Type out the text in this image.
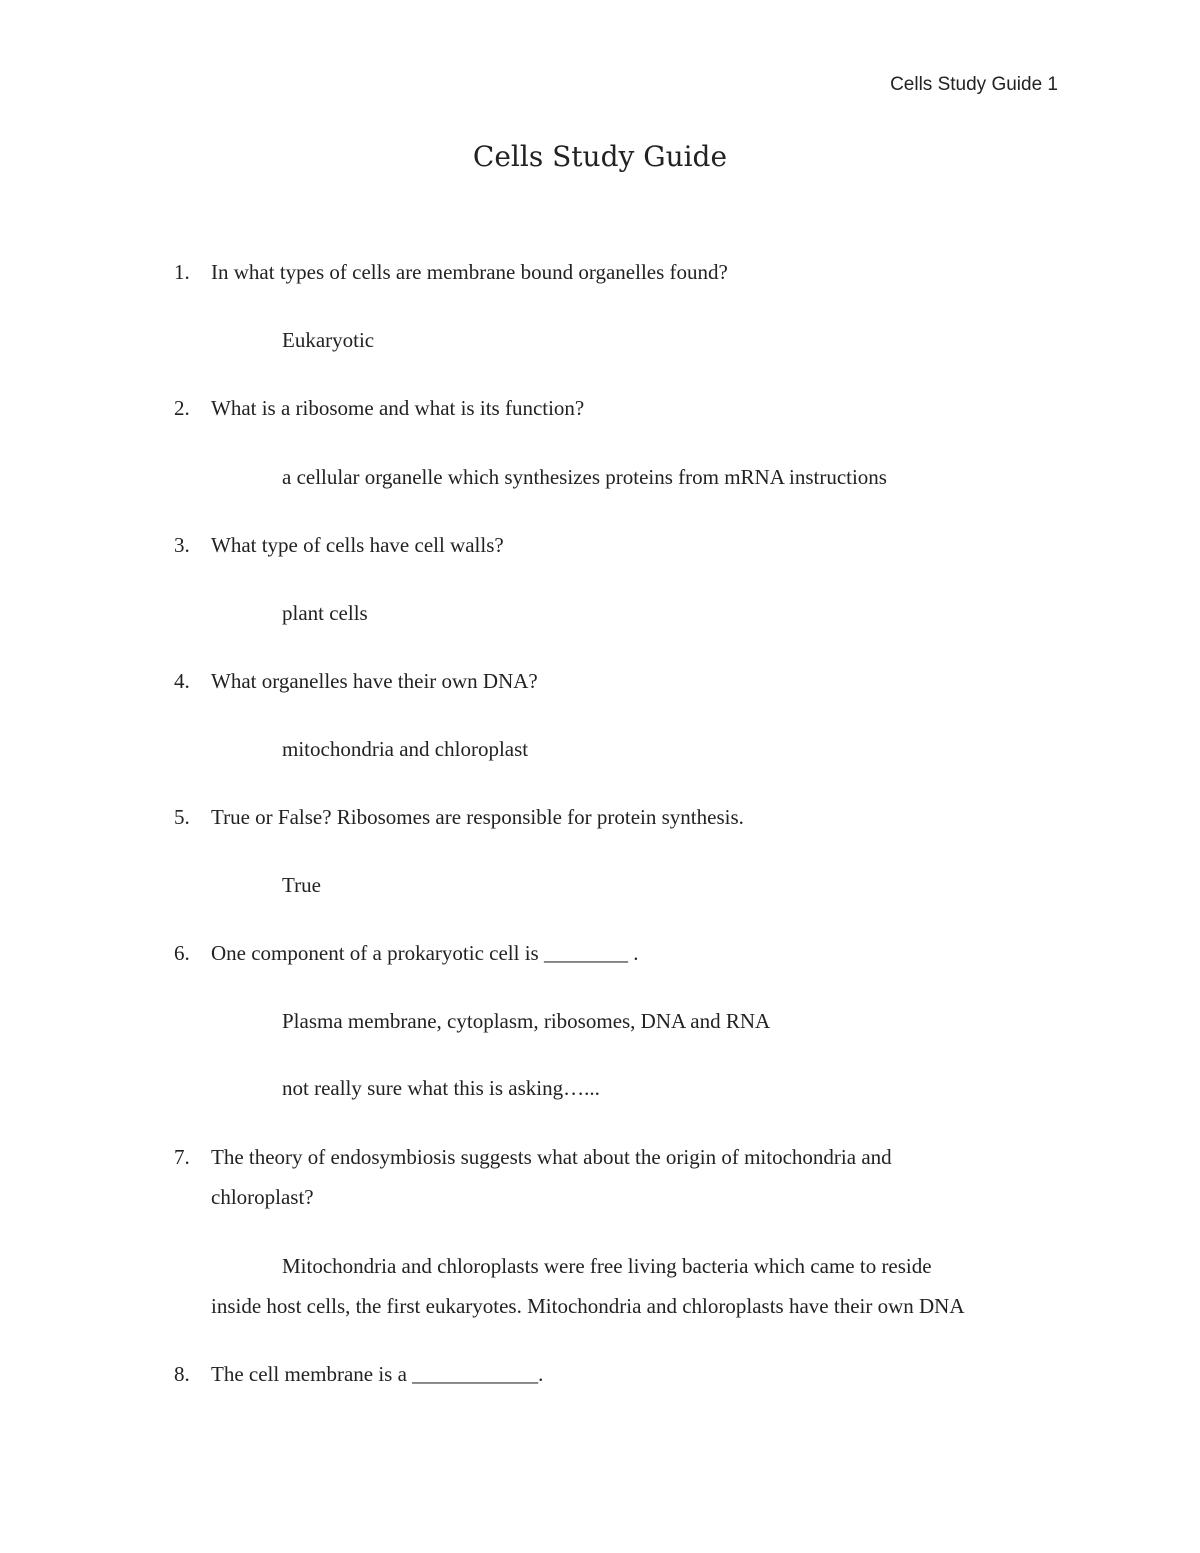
Cells Study Guide 1
Cells Study Guide
1. In what types of cells are membrane bound organelles found?
Eukaryotic
2. What is a ribosome and what is its function?
a cellular organelle which synthesizes proteins from mRNA instructions
3. What type of cells have cell walls?
plant cells
4. What organelles have their own DNA?
mitochondria and chloroplast
5. True or False? Ribosomes are responsible for protein synthesis.
True
6. One component of a prokaryotic cell is ________ .
Plasma membrane, cytoplasm, ribosomes, DNA and RNA
not really sure what this is asking…...
7. The theory of endosymbiosis suggests what about the origin of mitochondria and
chloroplast?
Mitochondria and chloroplasts were free living bacteria which came to reside
inside host cells, the first eukaryotes. Mitochondria and chloroplasts have their own DNA
8. The cell membrane is a ____________.
